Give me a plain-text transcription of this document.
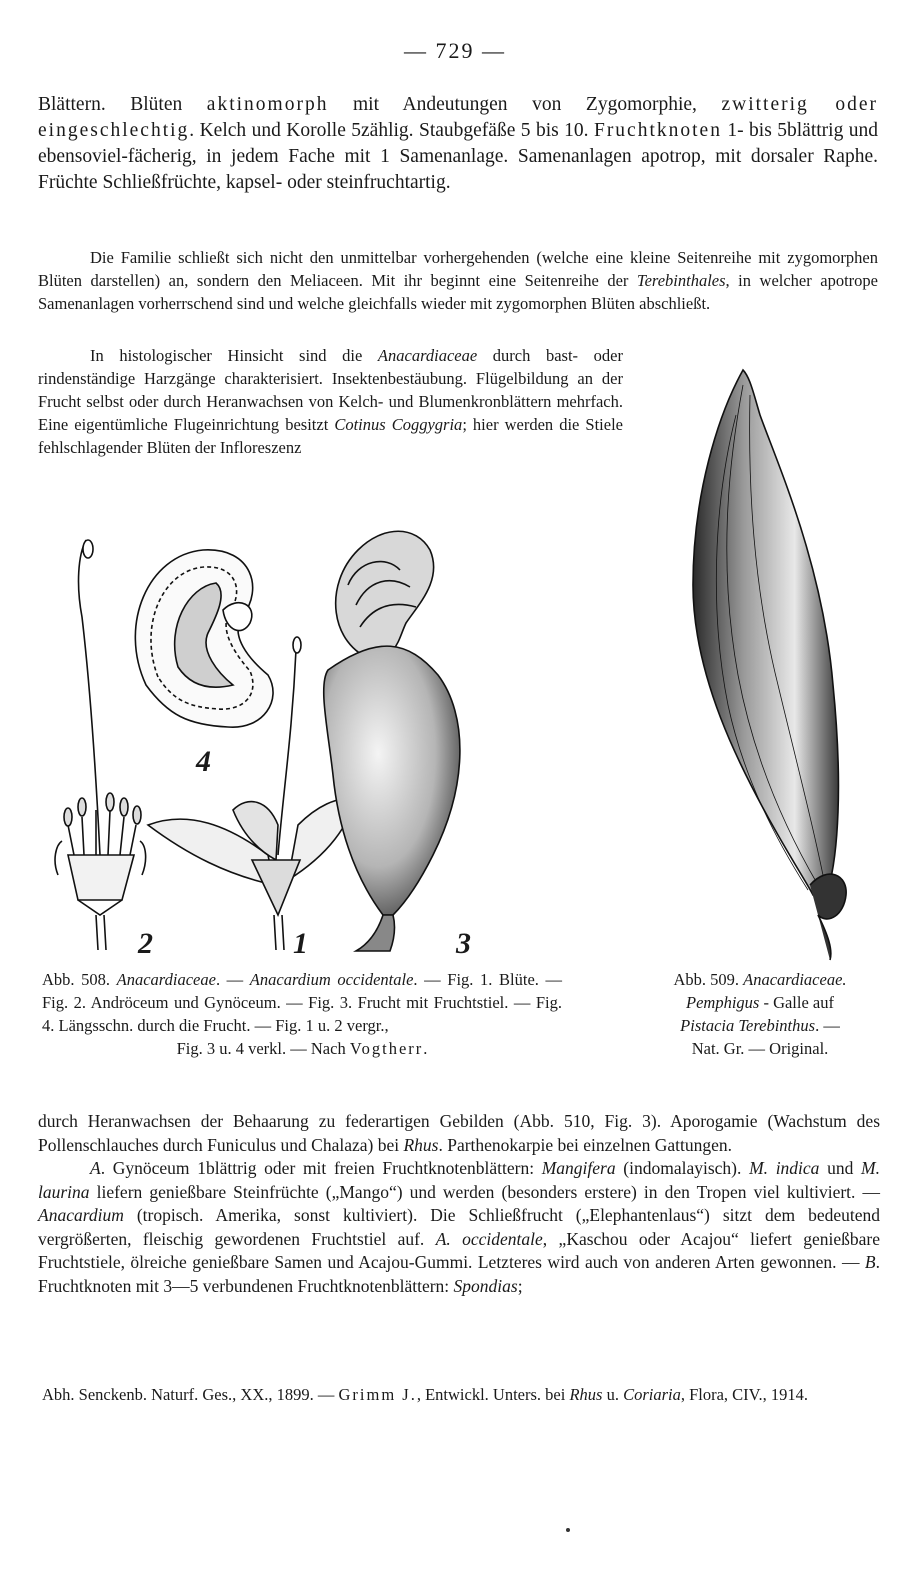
— 729 —

Blättern. Blüten aktinomorph mit Andeutungen von Zygomorphie, zwitterig oder eingeschlechtig. Kelch und Korolle 5zählig. Staubgefäße 5 bis 10. Fruchtknoten 1- bis 5blättrig und ebensoviel-fächerig, in jedem Fache mit 1 Samenanlage. Samenanlagen apotrop, mit dorsaler Raphe. Früchte Schließfrüchte, kapsel- oder steinfruchtartig.

Die Familie schließt sich nicht den unmittelbar vorhergehenden (welche eine kleine Seitenreihe mit zygomorphen Blüten darstellen) an, sondern den Meliaceen. Mit ihr beginnt eine Seitenreihe der Terebinthales, in welcher apotrope Samenanlagen vorherrschend sind und welche gleichfalls wieder mit zygomorphen Blüten abschließt.

In histologischer Hinsicht sind die Anacardiaceae durch bast- oder rindenständige Harzgänge charakterisiert. Insektenbestäubung. Flügelbildung an der Frucht selbst oder durch Heranwachsen von Kelch- und Blumenkronblättern mehrfach. Eine eigentümliche Flugeinrichtung besitzt Cotinus Coggygria; hier werden die Stiele fehlschlagender Blüten der Infloreszenz

2	1	3
4

Abb. 508. Anacardiaceae. — Anacardium occidentale. — Fig. 1. Blüte. — Fig. 2. Andröceum und Gynöceum. — Fig. 3. Frucht mit Fruchtstiel. — Fig. 4. Längsschn. durch die Frucht. — Fig. 1 u. 2 vergr.,
Fig. 3 u. 4 verkl. — Nach Vogtherr.

Abb. 509. Anacardiaceae.
Pemphigus - Galle auf
Pistacia Terebinthus. —
Nat. Gr. — Original.

durch Heranwachsen der Behaarung zu federartigen Gebilden (Abb. 510, Fig. 3). Aporogamie (Wachstum des Pollenschlauches durch Funiculus und Chalaza) bei Rhus. Parthenokarpie bei einzelnen Gattungen.

A. Gynöceum 1blättrig oder mit freien Fruchtknotenblättern: Mangifera (indomalayisch). M. indica und M. laurina liefern genießbare Steinfrüchte („Mango“) und werden (besonders erstere) in den Tropen viel kultiviert. — Anacardium (tropisch. Amerika, sonst kultiviert). Die Schließfrucht („Elephantenlaus“) sitzt dem bedeutend vergrößerten, fleischig gewordenen Fruchtstiel auf. A. occidentale, „Kaschou oder Acajou“ liefert genießbare Fruchtstiele, ölreiche genießbare Samen und Acajou-Gummi. Letzteres wird auch von anderen Arten gewonnen. — B. Fruchtknoten mit 3—5 verbundenen Fruchtknotenblättern: Spondias;

Abh. Senckenb. Naturf. Ges., XX., 1899. — Grimm J., Entwickl. Unters. bei Rhus u. Coriaria, Flora, CIV., 1914.
